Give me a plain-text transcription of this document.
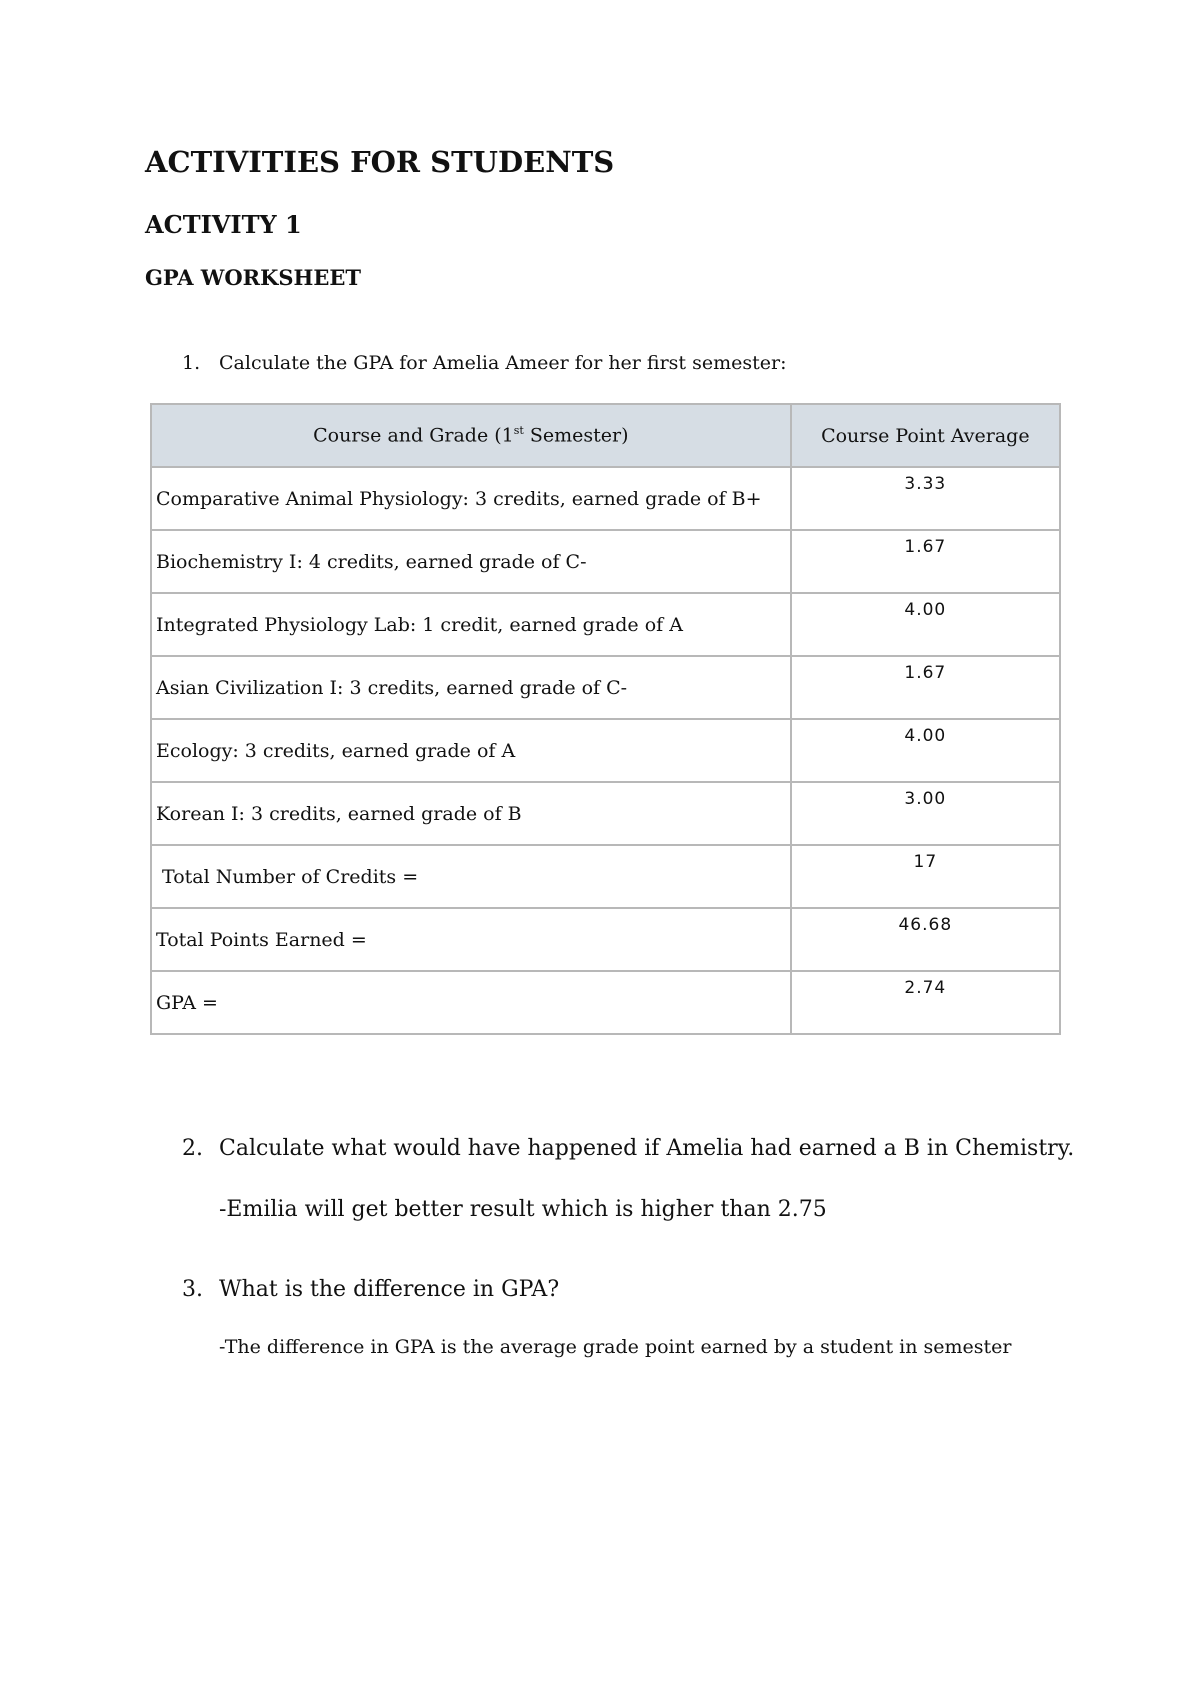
ACTIVITIES FOR STUDENTS
ACTIVITY 1
GPA WORKSHEET

1. Calculate the GPA for Amelia Ameer for her first semester:

Course and Grade (1st Semester)	Course Point Average
Comparative Animal Physiology: 3 credits, earned grade of B+	3.33
Biochemistry I: 4 credits, earned grade of C-	1.67
Integrated Physiology Lab: 1 credit, earned grade of A	4.00
Asian Civilization I: 3 credits, earned grade of C-	1.67
Ecology: 3 credits, earned grade of A	4.00
Korean I: 3 credits, earned grade of B	3.00
Total Number of Credits =	17
Total Points Earned =	46.68
GPA =	2.74

2. Calculate what would have happened if Amelia had earned a B in Chemistry.

-Emilia will get better result which is higher than 2.75

3. What is the difference in GPA?

-The difference in GPA is the average grade point earned by a student in semester
